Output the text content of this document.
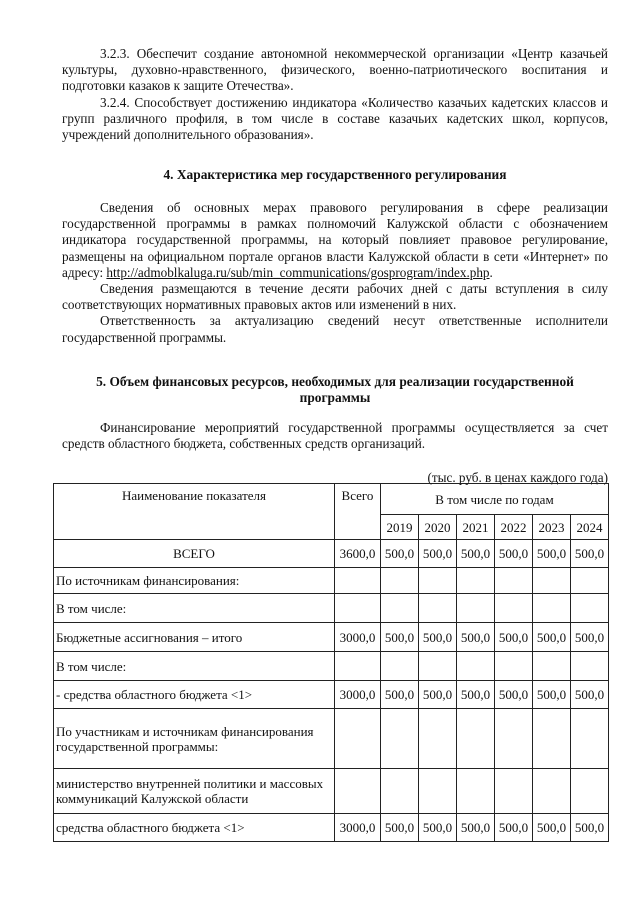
3.2.3. Обеспечит создание автономной некоммерческой организации «Центр казачьей культуры, духовно-нравственного, физического, военно-патриотического воспитания и подготовки казаков к защите Отечества».

3.2.4. Способствует достижению индикатора «Количество казачьих кадетских классов и групп различного профиля, в том числе в составе казачьих кадетских школ, корпусов, учреждений дополнительного образования».

4. Характеристика мер государственного регулирования

Сведения об основных мерах правового регулирования в сфере реализации государственной программы в рамках полномочий Калужской области с обозначением индикатора государственной программы, на который повлияет правовое регулирование, размещены на официальном портале органов власти Калужской области в сети «Интернет» по адресу: http://admoblkaluga.ru/sub/min_communications/gosprogram/index.php.

Сведения размещаются в течение десяти рабочих дней с даты вступления в силу соответствующих нормативных правовых актов или изменений в них.

Ответственность за актуализацию сведений несут ответственные исполнители государственной программы.

5. Объем финансовых ресурсов, необходимых для реализации государственной программы

Финансирование мероприятий государственной программы осуществляется за счет средств областного бюджета, собственных средств организаций.

(тыс. руб. в ценах каждого года)
Наименование показателя	Всего	В том числе по годам					
		2019	2020	2021	2022	2023	2024
ВСЕГО	3600,0	500,0	500,0	500,0	500,0	500,0	500,0
По источникам финансирования:							
В том числе:							
Бюджетные ассигнования – итого	3000,0	500,0	500,0	500,0	500,0	500,0	500,0
В том числе:							
- средства областного бюджета <1>	3000,0	500,0	500,0	500,0	500,0	500,0	500,0
По участникам и источникам финансирования государственной программы:							
министерство внутренней политики и массовых коммуникаций Калужской области							
средства областного бюджета <1>	3000,0	500,0	500,0	500,0	500,0	500,0	500,0
